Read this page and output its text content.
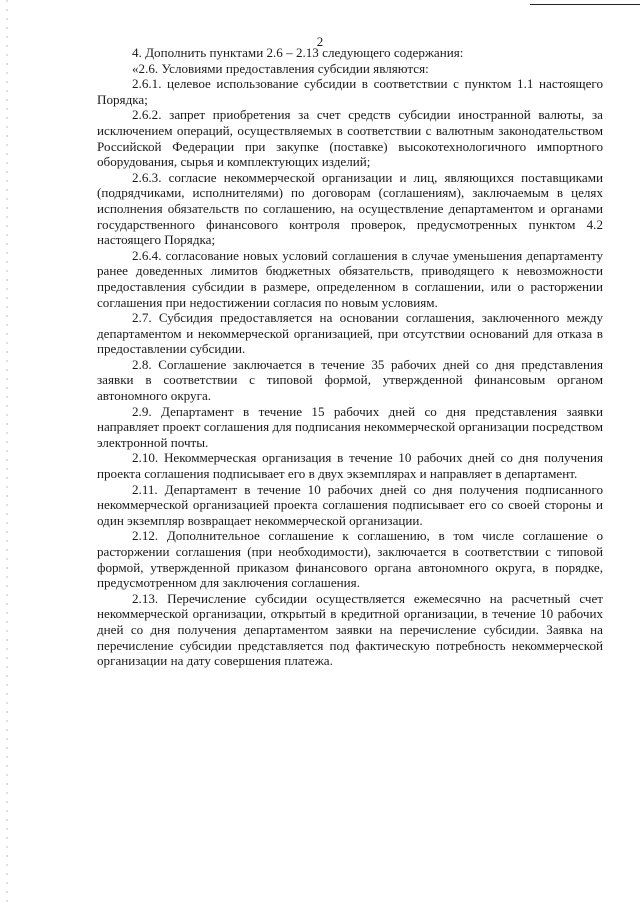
2

4. Дополнить пунктами 2.6 – 2.13 следующего содержания:

«2.6. Условиями предоставления субсидии являются:

2.6.1. целевое использование субсидии в соответствии с пунктом 1.1 настоящего Порядка;

2.6.2. запрет приобретения за счет средств субсидии иностранной валюты, за исключением операций, осуществляемых в соответствии с валютным законодательством Российской Федерации при закупке (поставке) высокотехнологичного импортного оборудования, сырья и комплектующих изделий;

2.6.3. согласие некоммерческой организации и лиц, являющихся поставщиками (подрядчиками, исполнителями) по договорам (соглашениям), заключаемым в целях исполнения обязательств по соглашению, на осуществление департаментом и органами государственного финансового контроля проверок, предусмотренных пунктом 4.2 настоящего Порядка;

2.6.4. согласование новых условий соглашения в случае уменьшения департаменту ранее доведенных лимитов бюджетных обязательств, приводящего к невозможности предоставления субсидии в размере, определенном в соглашении, или о расторжении соглашения при недостижении согласия по новым условиям.

2.7. Субсидия предоставляется на основании соглашения, заключенного между департаментом и некоммерческой организацией, при отсутствии оснований для отказа в предоставлении субсидии.

2.8. Соглашение заключается в течение 35 рабочих дней со дня представления заявки в соответствии с типовой формой, утвержденной финансовым органом автономного округа.

2.9. Департамент в течение 15 рабочих дней со дня представления заявки направляет проект соглашения для подписания некоммерческой организации посредством электронной почты.

2.10. Некоммерческая организация в течение 10 рабочих дней со дня получения проекта соглашения подписывает его в двух экземплярах и направляет в департамент.

2.11. Департамент в течение 10 рабочих дней со дня получения подписанного некоммерческой организацией проекта соглашения подписывает его со своей стороны и один экземпляр возвращает некоммерческой организации.

2.12. Дополнительное соглашение к соглашению, в том числе соглашение о расторжении соглашения (при необходимости), заключается в соответствии с типовой формой, утвержденной приказом финансового органа автономного округа, в порядке, предусмотренном для заключения соглашения.

2.13. Перечисление субсидии осуществляется ежемесячно на расчетный счет некоммерческой организации, открытый в кредитной организации, в течение 10 рабочих дней со дня получения департаментом заявки на перечисление субсидии. Заявка на перечисление субсидии представляется под фактическую потребность некоммерческой организации на дату совершения платежа.
